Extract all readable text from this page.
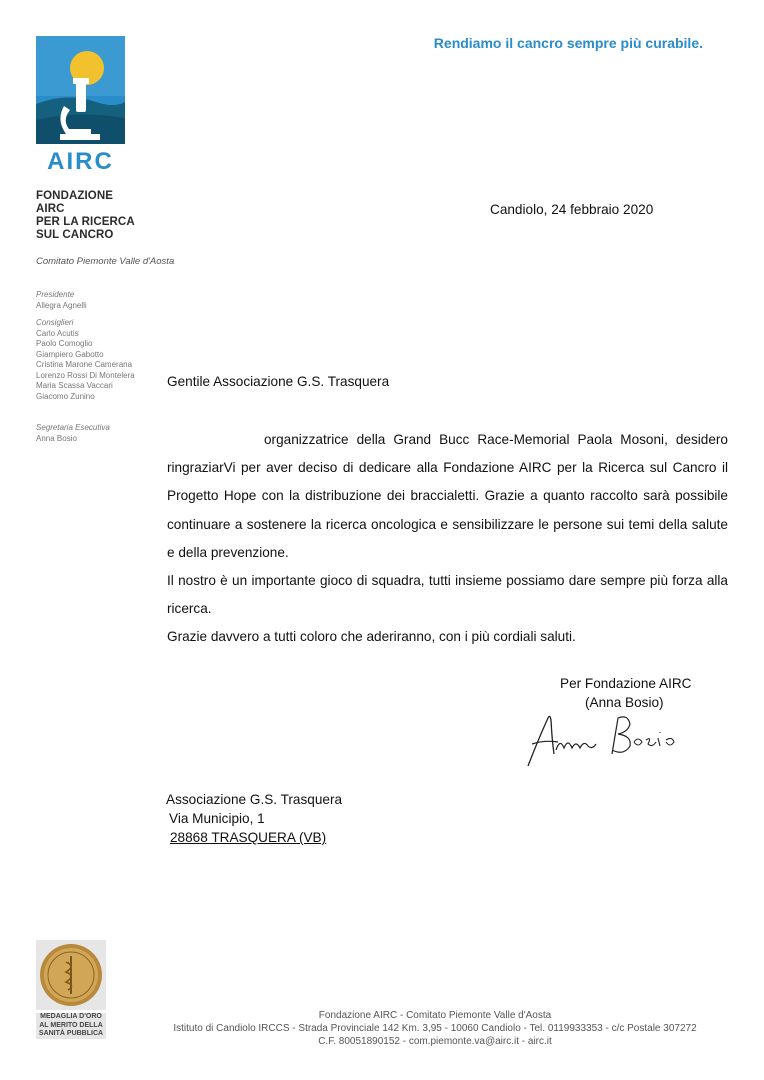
AIRC
Rendiamo il cancro sempre più curabile.
FONDAZIONE
AIRC
PER LA RICERCA
SUL CANCRO
Comitato Piemonte Valle d'Aosta
Presidente
Allegra Agnelli
Consiglieri
Carlo Acutis
Paolo Comoglio
Giampiero Gabotto
Cristina Marone Camerana
Lorenzo Rossi Di Montelera
Maria Scassa Vaccari
Giacomo Zunino
Segretaria Esecutiva
Anna Bosio
Candiolo, 24 febbraio 2020
Gentile Associazione G.S. Trasquera

organizzatrice della Grand Bucc Race-Memorial Paola Mosoni, desidero ringraziarVi per aver deciso di dedicare alla Fondazione AIRC per la Ricerca sul Cancro il Progetto Hope con la distribuzione dei braccialetti. Grazie a quanto raccolto sarà possibile continuare a sostenere la ricerca oncologica e sensibilizzare le persone sui temi della salute e della prevenzione.

Il nostro è un importante gioco di squadra, tutti insieme possiamo dare sempre più forza alla ricerca.

Grazie davvero a tutti coloro che aderiranno, con i più cordiali saluti.

Per Fondazione AIRC
(Anna Bosio)
Associazione G.S. Trasquera
Via Municipio, 1
28868 TRASQUERA (VB)
MEDAGLIA D'ORO
AL MERITO DELLA
SANITÀ PUBBLICA
Fondazione AIRC - Comitato Piemonte Valle d'Aosta
Istituto di Candiolo IRCCS - Strada Provinciale 142 Km. 3,95 - 10060 Candiolo - Tel. 0119933353 - c/c Postale 307272
C.F. 80051890152 - com.piemonte.va@airc.it - airc.it
